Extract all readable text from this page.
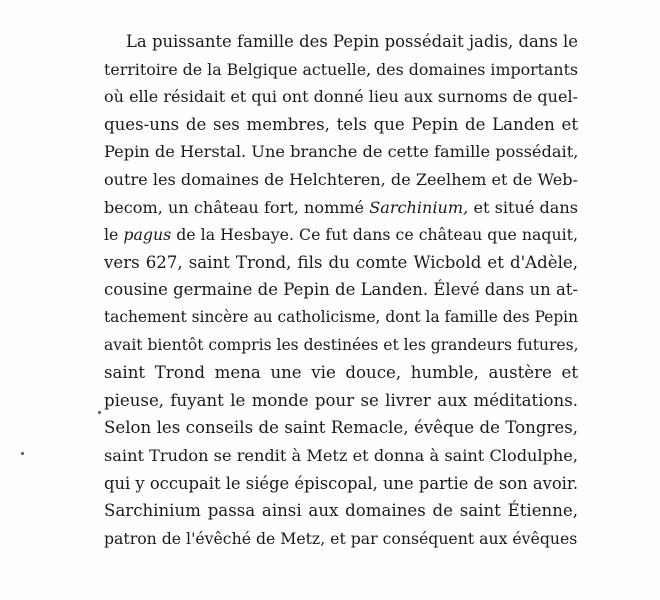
La puissante famille des Pepin possédait jadis, dans le
territoire de la Belgique actuelle, des domaines importants
où elle résidait et qui ont donné lieu aux surnoms de quel-
ques-uns de ses membres, tels que Pepin de Landen et
Pepin de Herstal. Une branche de cette famille possédait,
outre les domaines de Helchteren, de Zeelhem et de Web-
becom, un château fort, nommé Sarchinium, et situé dans
le pagus de la Hesbaye. Ce fut dans ce château que naquit,
vers 627, saint Trond, fils du comte Wicbold et d'Adèle,
cousine germaine de Pepin de Landen. Élevé dans un at-
tachement sincère au catholicisme, dont la famille des Pepin
avait bientôt compris les destinées et les grandeurs futures,
saint Trond mena une vie douce, humble, austère et
pieuse, fuyant le monde pour se livrer aux méditations.
Selon les conseils de saint Remacle, évêque de Tongres,
saint Trudon se rendit à Metz et donna à saint Clodulphe,
qui y occupait le siége épiscopal, une partie de son avoir.
Sarchinium passa ainsi aux domaines de saint Étienne,
patron de l'évêché de Metz, et par conséquent aux évêques
